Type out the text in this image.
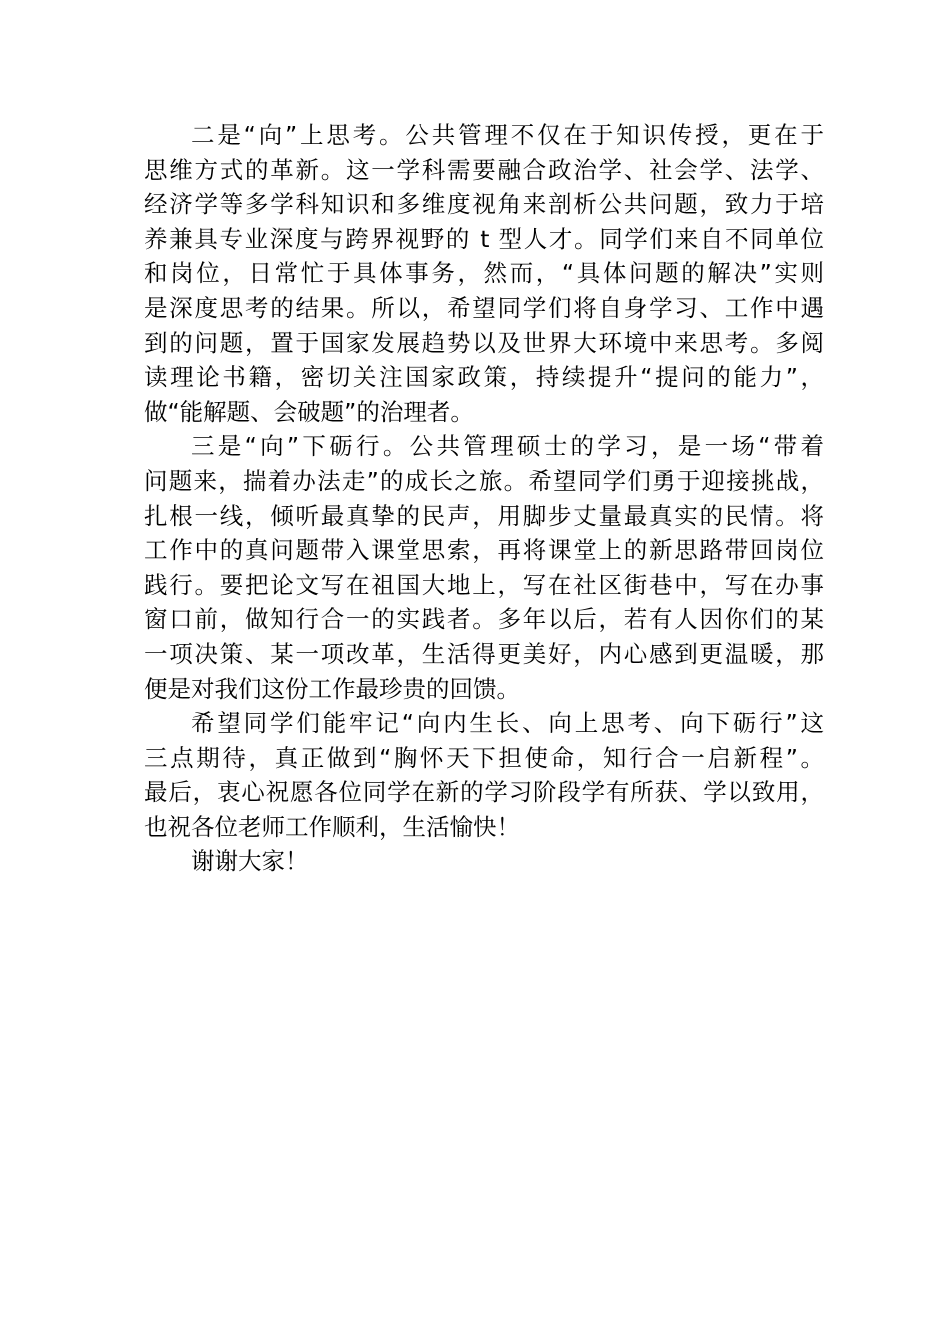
二是“向”上思考。公共管理不仅在于知识传授，更在于
思维方式的革新。这一学科需要融合政治学、社会学、法学、
经济学等多学科知识和多维度视角来剖析公共问题，致力于培
养兼具专业深度与跨界视野的 t 型人才。同学们来自不同单位
和岗位，日常忙于具体事务，然而，“具体问题的解决”实则
是深度思考的结果。所以，希望同学们将自身学习、工作中遇
到的问题，置于国家发展趋势以及世界大环境中来思考。多阅
读理论书籍，密切关注国家政策，持续提升“提问的能力”，
做“能解题、会破题”的治理者。
三是“向”下砺行。公共管理硕士的学习，是一场“带着
问题来，揣着办法走”的成长之旅。希望同学们勇于迎接挑战，
扎根一线，倾听最真挚的民声，用脚步丈量最真实的民情。将
工作中的真问题带入课堂思索，再将课堂上的新思路带回岗位
践行。要把论文写在祖国大地上，写在社区街巷中，写在办事
窗口前，做知行合一的实践者。多年以后，若有人因你们的某
一项决策、某一项改革，生活得更美好，内心感到更温暖，那
便是对我们这份工作最珍贵的回馈。
希望同学们能牢记“向内生长、向上思考、向下砺行”这
三点期待，真正做到“胸怀天下担使命，知行合一启新程”。
最后，衷心祝愿各位同学在新的学习阶段学有所获、学以致用，
也祝各位老师工作顺利，生活愉快！
谢谢大家！
